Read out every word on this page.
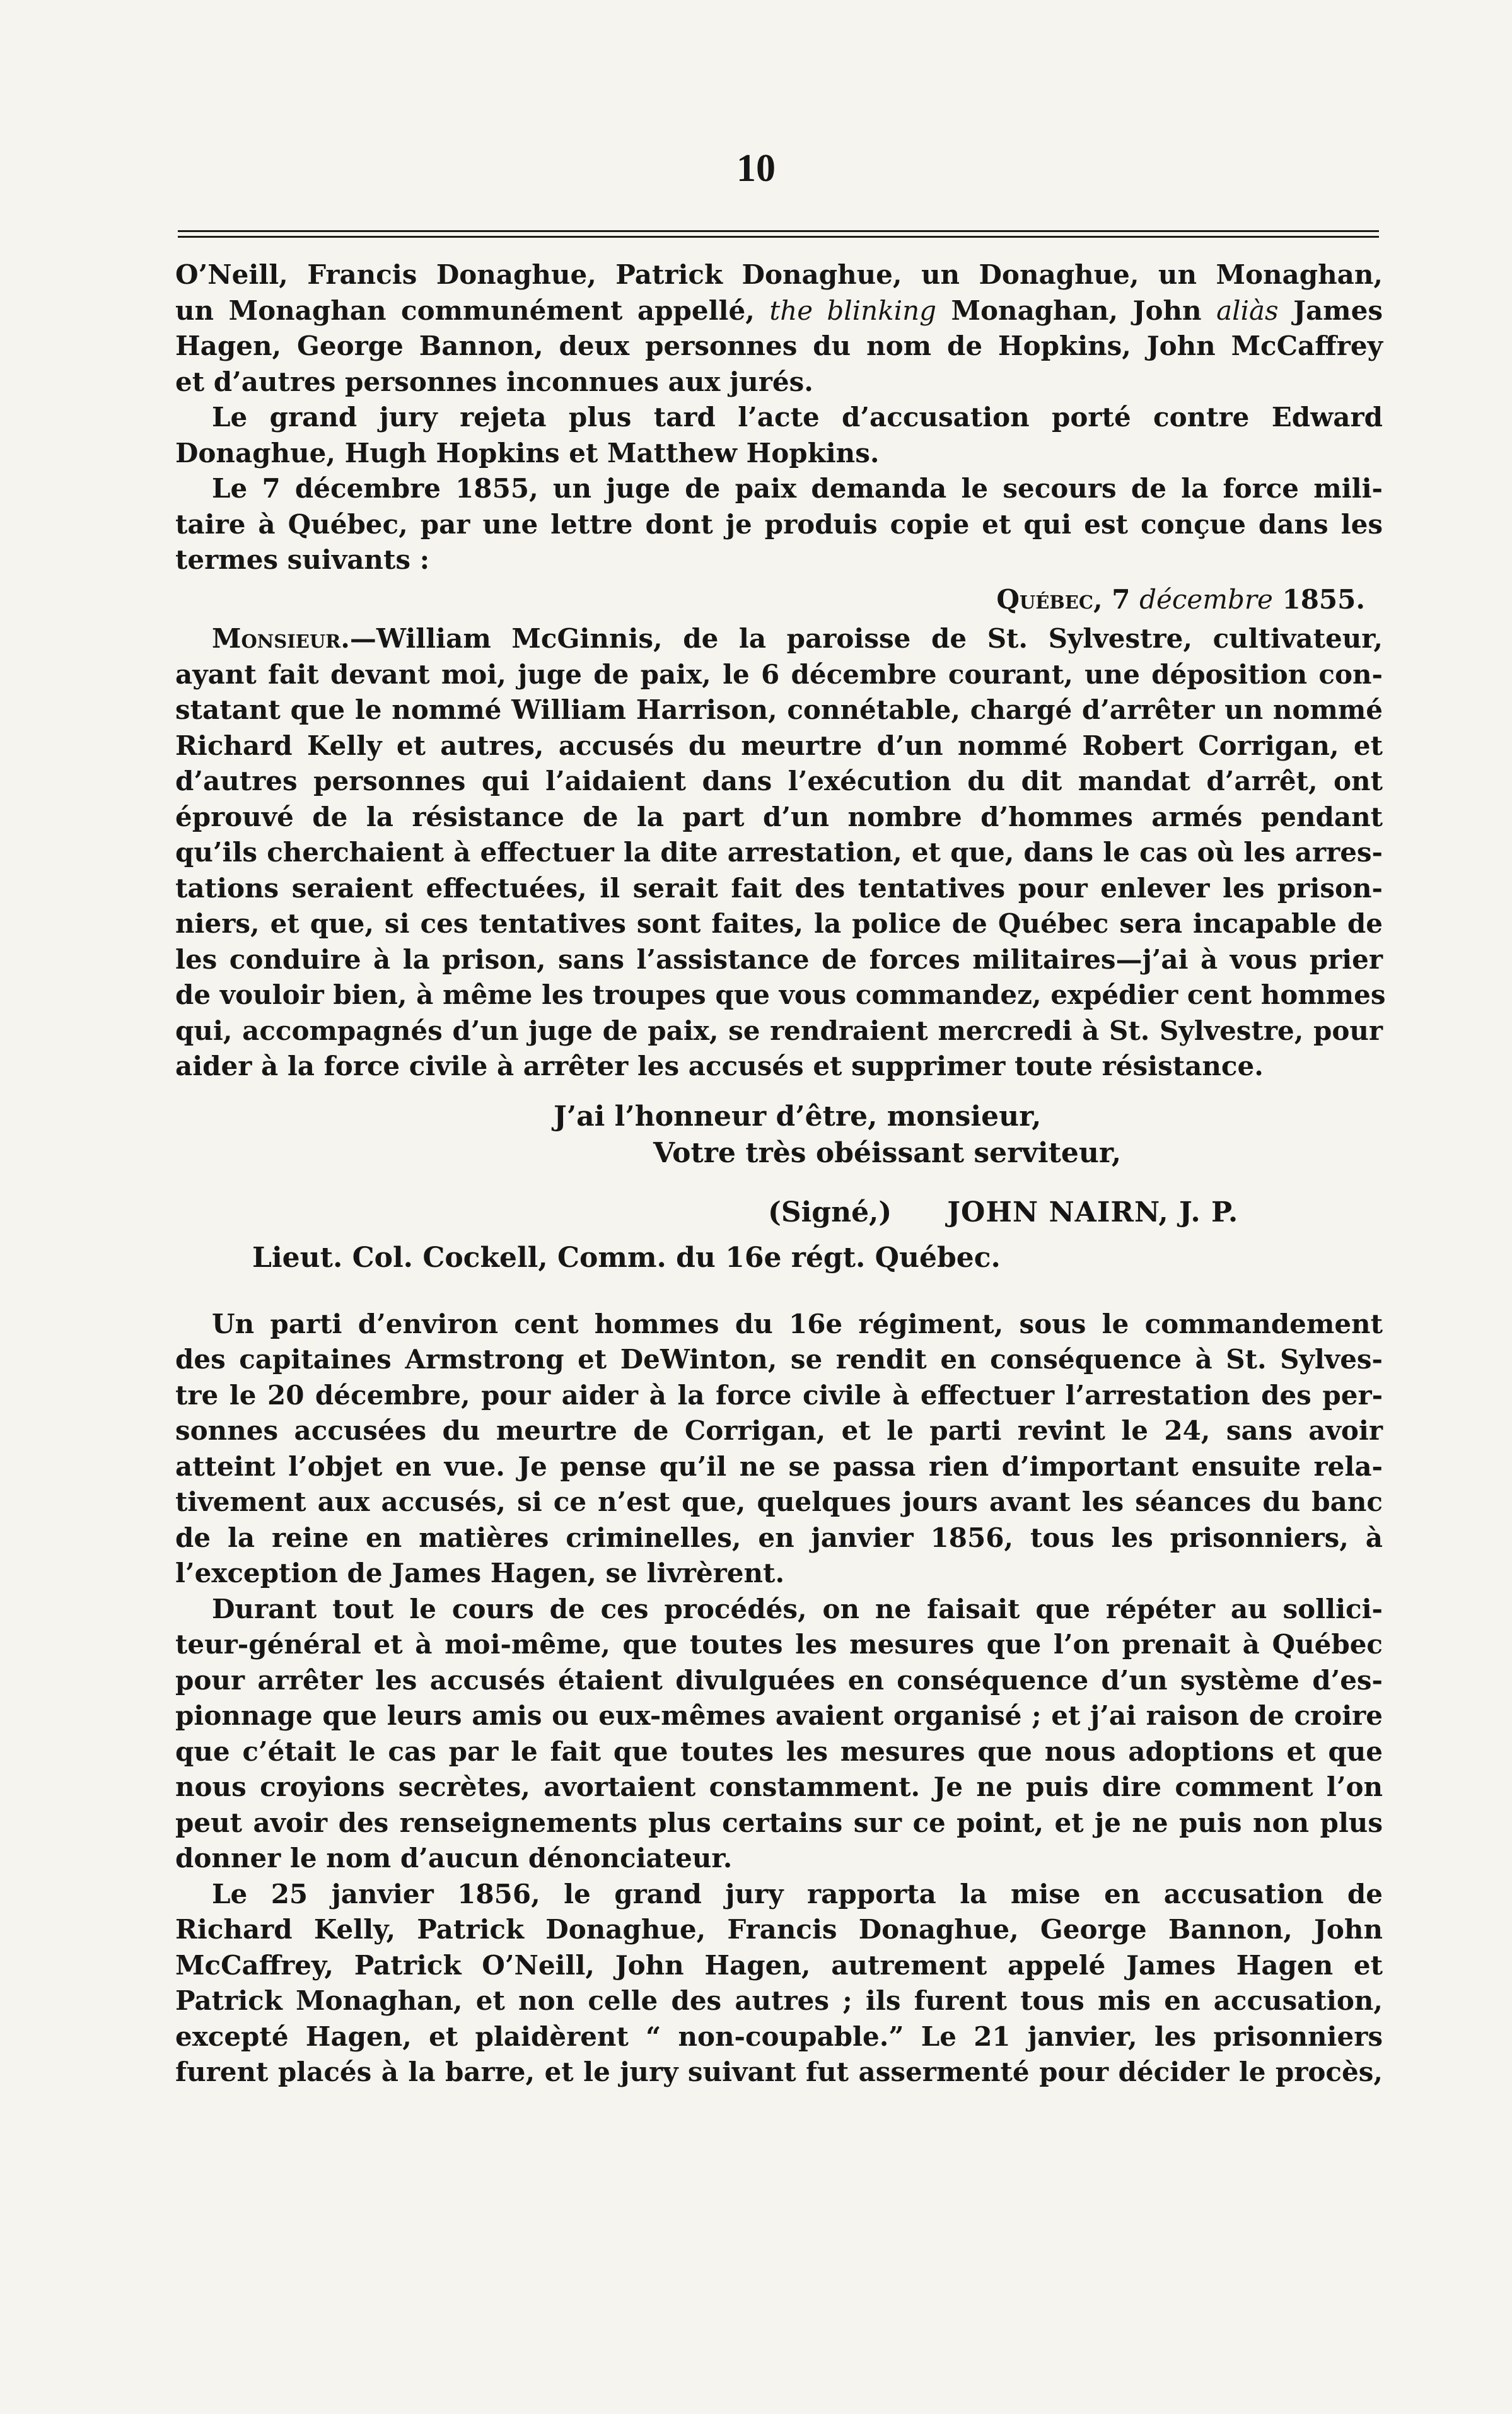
10
O’Neill, Francis Donaghue, Patrick Donaghue, un Donaghue, un Monaghan,
un Monaghan communément appellé, the blinking Monaghan, John aliàs James
Hagen, George Bannon, deux personnes du nom de Hopkins, John McCaffrey
et d’autres personnes inconnues aux jurés.
Le grand jury rejeta plus tard l’acte d’accusation porté contre Edward
Donaghue, Hugh Hopkins et Matthew Hopkins.
Le 7 décembre 1855, un juge de paix demanda le secours de la force mili-
taire à Québec, par une lettre dont je produis copie et qui est conçue dans les
termes suivants :
Québec, 7 décembre 1855.
Monsieur.—William McGinnis, de la paroisse de St. Sylvestre, cultivateur,
ayant fait devant moi, juge de paix, le 6 décembre courant, une déposition con-
statant que le nommé William Harrison, connétable, chargé d’arrêter un nommé
Richard Kelly et autres, accusés du meurtre d’un nommé Robert Corrigan, et
d’autres personnes qui l’aidaient dans l’exécution du dit mandat d’arrêt, ont
éprouvé de la résistance de la part d’un nombre d’hommes armés pendant
qu’ils cherchaient à effectuer la dite arrestation, et que, dans le cas où les arres-
tations seraient effectuées, il serait fait des tentatives pour enlever les prison-
niers, et que, si ces tentatives sont faites, la police de Québec sera incapable de
les conduire à la prison, sans l’assistance de forces militaires—j’ai à vous prier
de vouloir bien, à même les troupes que vous commandez, expédier cent hommes
qui, accompagnés d’un juge de paix, se rendraient mercredi à St. Sylvestre, pour
aider à la force civile à arrêter les accusés et supprimer toute résistance.
J’ai l’honneur d’être, monsieur,
Votre très obéissant serviteur,
(Signé,) JOHN NAIRN, J. P.
Lieut. Col. Cockell, Comm. du 16e régt. Québec.
Un parti d’environ cent hommes du 16e régiment, sous le commandement
des capitaines Armstrong et DeWinton, se rendit en conséquence à St. Sylves-
tre le 20 décembre, pour aider à la force civile à effectuer l’arrestation des per-
sonnes accusées du meurtre de Corrigan, et le parti revint le 24, sans avoir
atteint l’objet en vue. Je pense qu’il ne se passa rien d’important ensuite rela-
tivement aux accusés, si ce n’est que, quelques jours avant les séances du banc
de la reine en matières criminelles, en janvier 1856, tous les prisonniers, à
l’exception de James Hagen, se livrèrent.
Durant tout le cours de ces procédés, on ne faisait que répéter au sollici-
teur-général et à moi-même, que toutes les mesures que l’on prenait à Québec
pour arrêter les accusés étaient divulguées en conséquence d’un système d’es-
pionnage que leurs amis ou eux-mêmes avaient organisé ; et j’ai raison de croire
que c’était le cas par le fait que toutes les mesures que nous adoptions et que
nous croyions secrètes, avortaient constamment. Je ne puis dire comment l’on
peut avoir des renseignements plus certains sur ce point, et je ne puis non plus
donner le nom d’aucun dénonciateur.
Le 25 janvier 1856, le grand jury rapporta la mise en accusation de
Richard Kelly, Patrick Donaghue, Francis Donaghue, George Bannon, John
McCaffrey, Patrick O’Neill, John Hagen, autrement appelé James Hagen et
Patrick Monaghan, et non celle des autres ; ils furent tous mis en accusation,
excepté Hagen, et plaidèrent “ non-coupable.” Le 21 janvier, les prisonniers
furent placés à la barre, et le jury suivant fut assermenté pour décider le procès,
